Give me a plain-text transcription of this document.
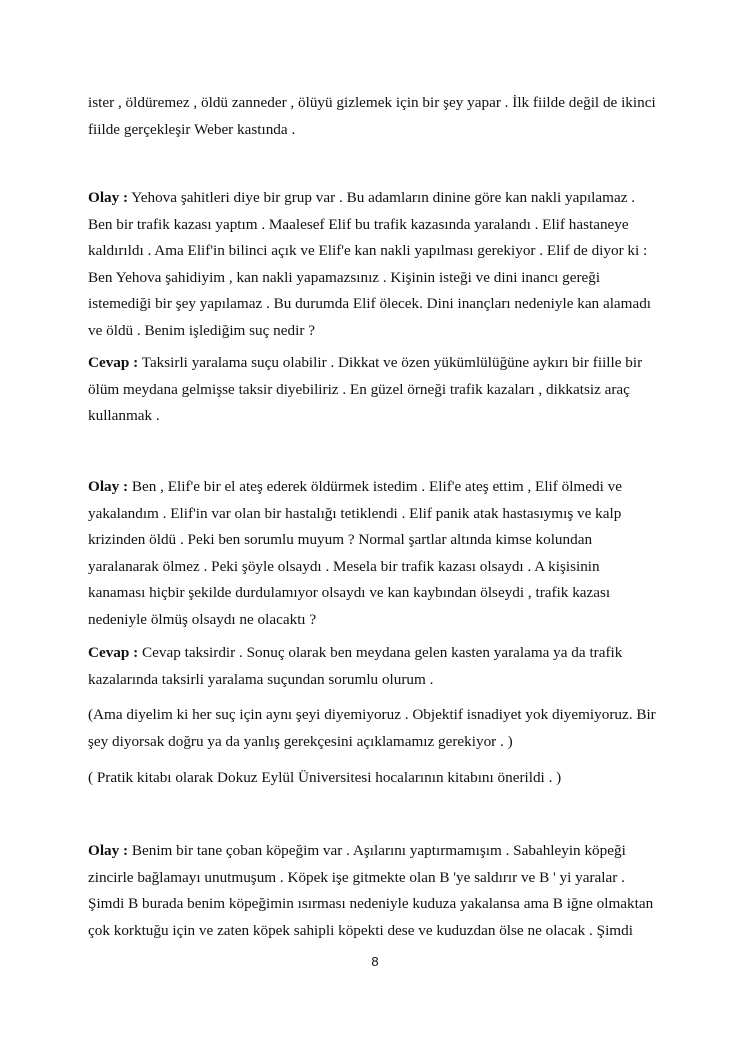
ister , öldüremez , öldü zanneder , ölüyü gizlemek için bir şey yapar . İlk fiilde değil de ikinci
fiilde gerçekleşir Weber kastında .

Olay : Yehova şahitleri diye bir grup var . Bu adamların dinine göre kan nakli yapılamaz .
Ben bir trafik kazası yaptım . Maalesef Elif bu trafik kazasında yaralandı . Elif hastaneye
kaldırıldı . Ama Elif'in bilinci açık ve Elif'e kan nakli yapılması gerekiyor . Elif de diyor ki :
Ben Yehova şahidiyim , kan nakli yapamazsınız . Kişinin isteği ve dini inancı gereği
istemediği bir şey yapılamaz . Bu durumda Elif ölecek. Dini inançları nedeniyle kan alamadı
ve öldü . Benim işlediğim suç nedir ?

Cevap : Taksirli yaralama suçu olabilir . Dikkat ve özen yükümlülüğüne aykırı bir fiille bir
ölüm meydana gelmişse taksir diyebiliriz . En güzel örneği trafik kazaları , dikkatsiz araç
kullanmak .

Olay : Ben , Elif'e bir el ateş ederek öldürmek istedim . Elif'e ateş ettim , Elif ölmedi ve
yakalandım . Elif'in var olan bir hastalığı tetiklendi . Elif panik atak hastasıymış ve kalp
krizinden öldü . Peki ben sorumlu muyum ? Normal şartlar altında kimse kolundan
yaralanarak ölmez . Peki şöyle olsaydı . Mesela bir trafik kazası olsaydı . A kişisinin
kanaması hiçbir şekilde durdulamıyor olsaydı ve kan kaybından ölseydi , trafik kazası
nedeniyle ölmüş olsaydı ne olacaktı ?

Cevap : Cevap taksirdir . Sonuç olarak ben meydana gelen kasten yaralama ya da trafik
kazalarında taksirli yaralama suçundan sorumlu olurum .

(Ama diyelim ki her suç için aynı şeyi diyemiyoruz . Objektif isnadiyet yok diyemiyoruz. Bir
şey diyorsak doğru ya da yanlış gerekçesini açıklamamız gerekiyor . )

( Pratik kitabı olarak Dokuz Eylül Üniversitesi hocalarının kitabını önerildi . )

Olay : Benim bir tane çoban köpeğim var . Aşılarını yaptırmamışım . Sabahleyin köpeği
zincirle bağlamayı unutmuşum . Köpek işe gitmekte olan B 'ye saldırır ve B ' yi yaralar .
Şimdi B burada benim köpeğimin ısırması nedeniyle kuduza yakalansa ama B iğne olmaktan
çok korktuğu için ve zaten köpek sahipli köpekti dese ve kuduzdan ölse ne olacak . Şimdi

8
